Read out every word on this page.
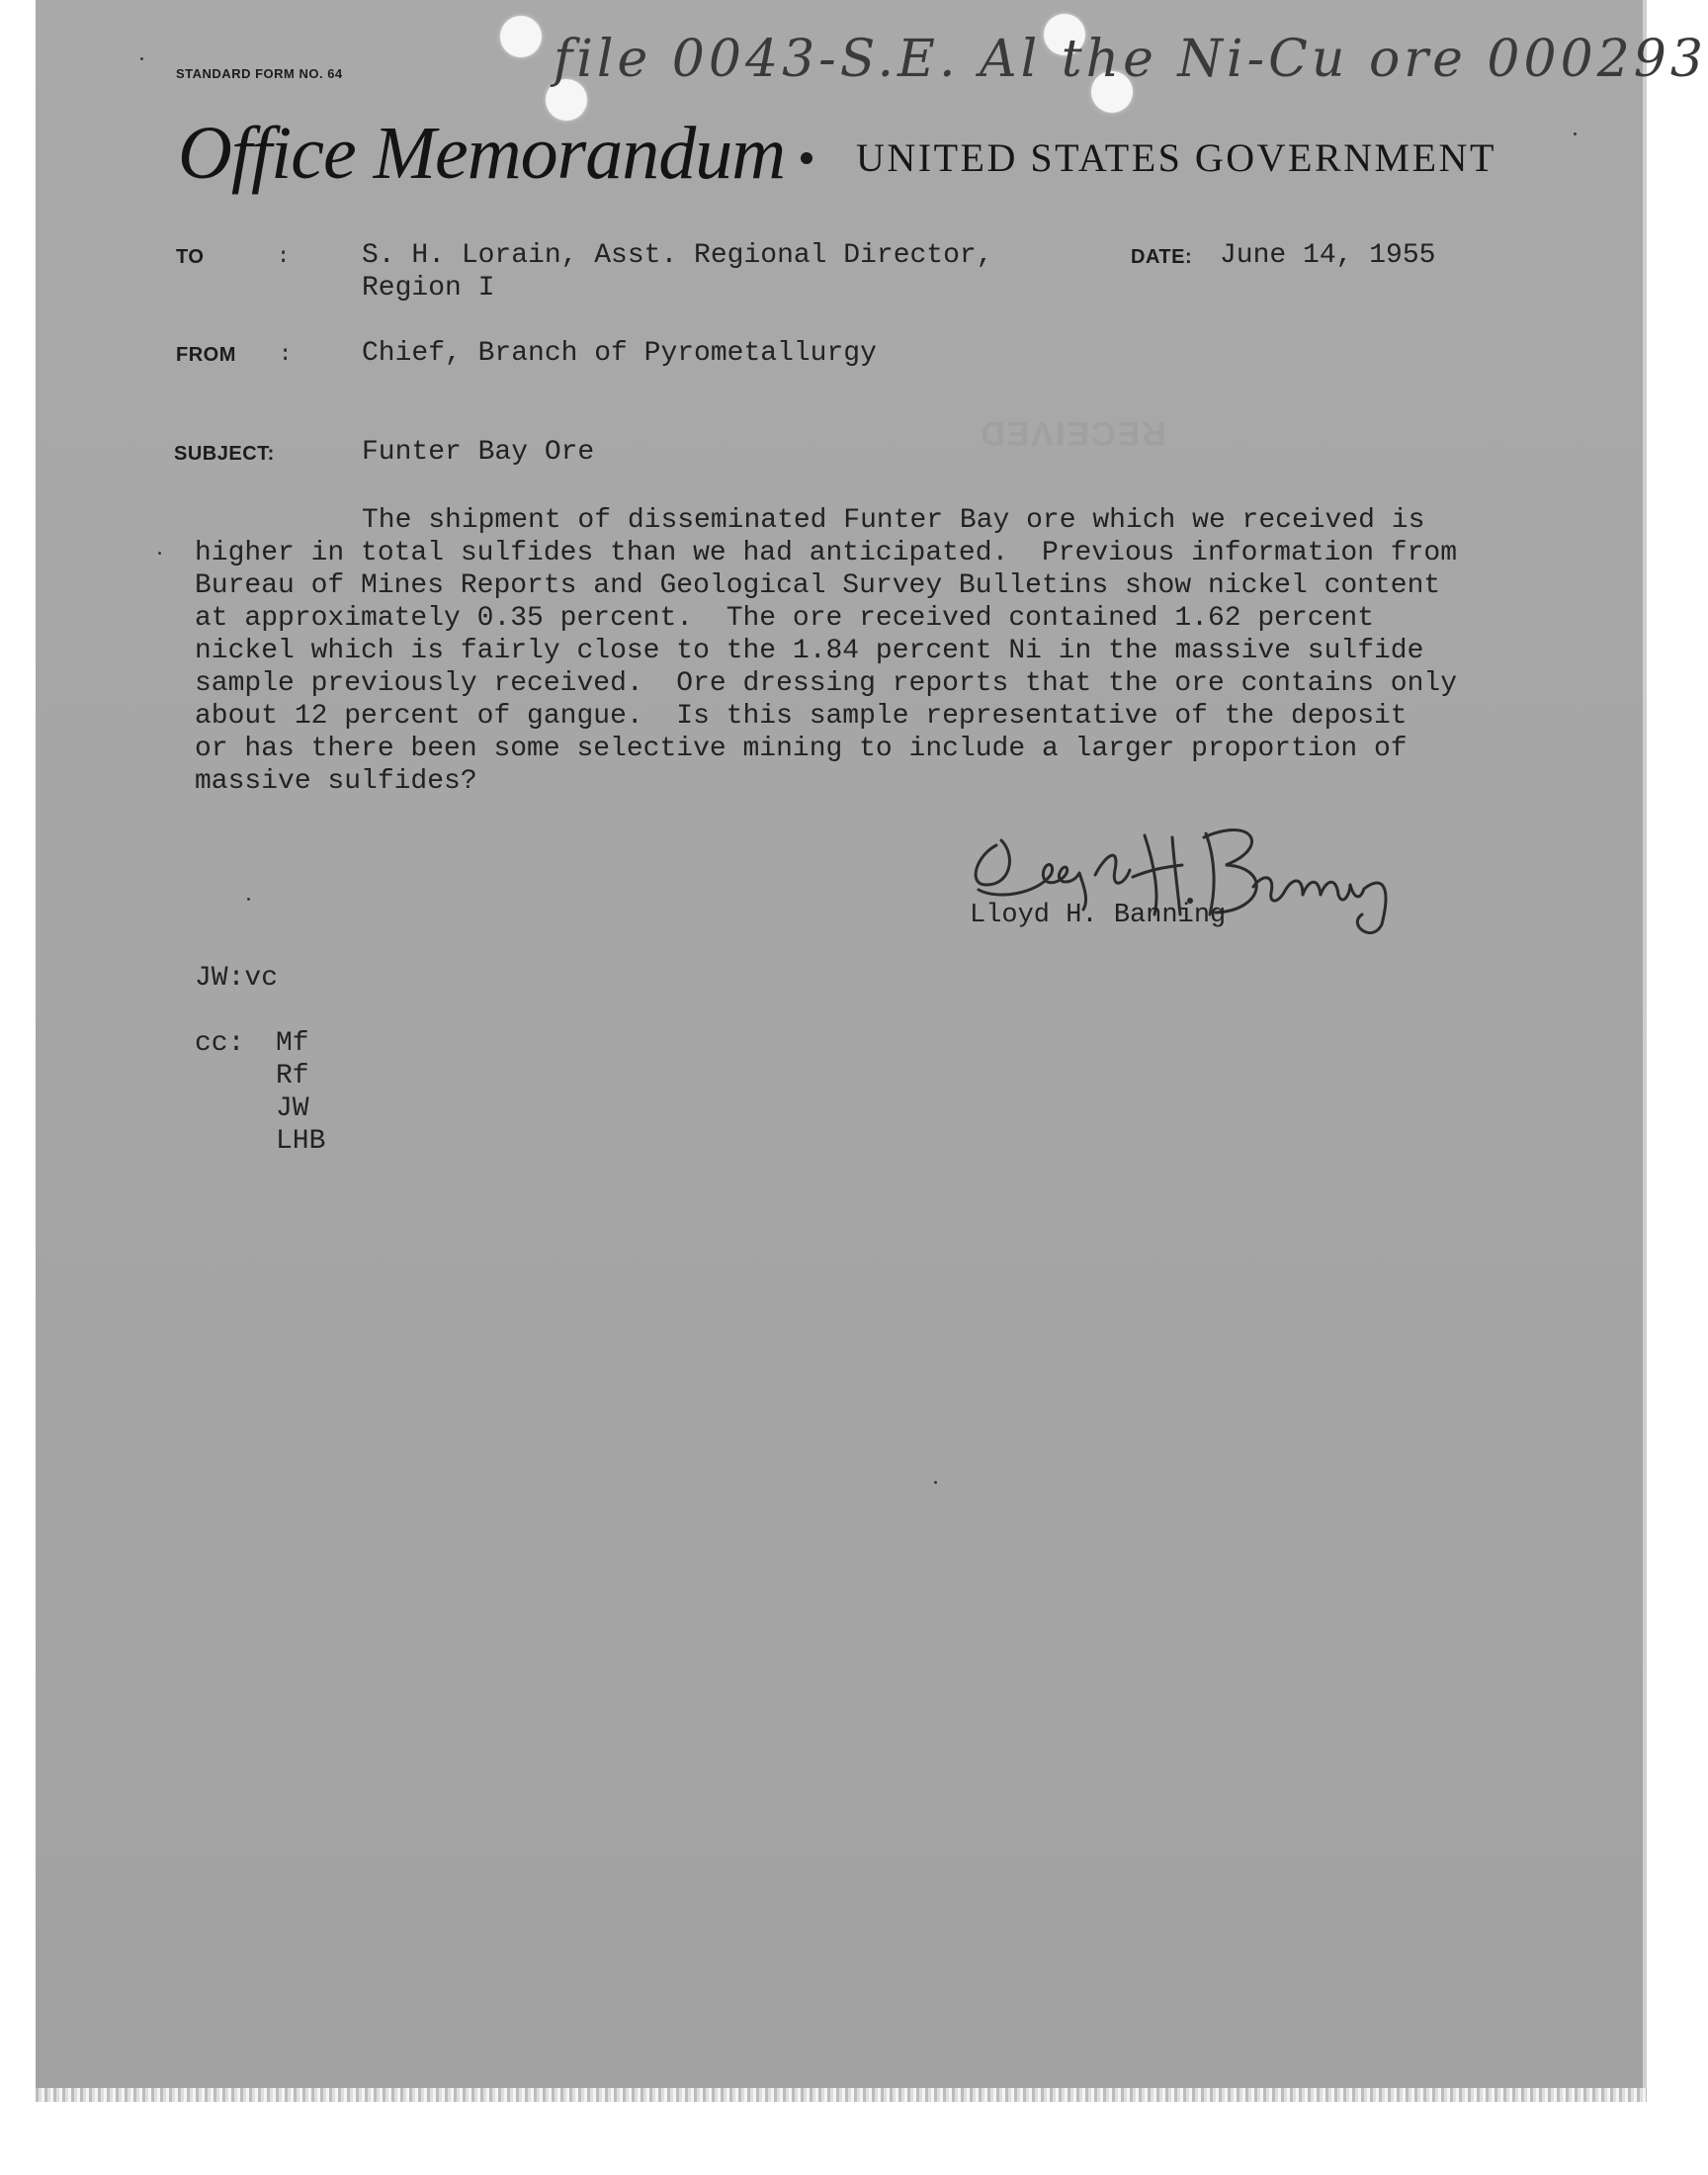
STANDARD FORM NO. 64	file 0043-S.E. Al the Ni-Cu ore 000293
Office Memorandum UNITED STATES GOVERNMENT
TO	:	S. H. Lorain, Asst. Regional Director,
Region I
DATE: June 14, 1955
FROM :	Chief, Branch of Pyrometallurgy
SUBJECT:	Funter Bay Ore
RECEIVED
The shipment of disseminated Funter Bay ore which we received is
higher in total sulfides than we had anticipated.  Previous information from
Bureau of Mines Reports and Geological Survey Bulletins show nickel content
at approximately 0.35 percent.  The ore received contained 1.62 percent
nickel which is fairly close to the 1.84 percent Ni in the massive sulfide
sample previously received.  Ore dressing reports that the ore contains only
about 12 percent of gangue.  Is this sample representative of the deposit
or has there been some selective mining to include a larger proportion of
massive sulfides?
Lloyd H. Banning
JW:vc
cc: Mf
Rf
JW
LHB
